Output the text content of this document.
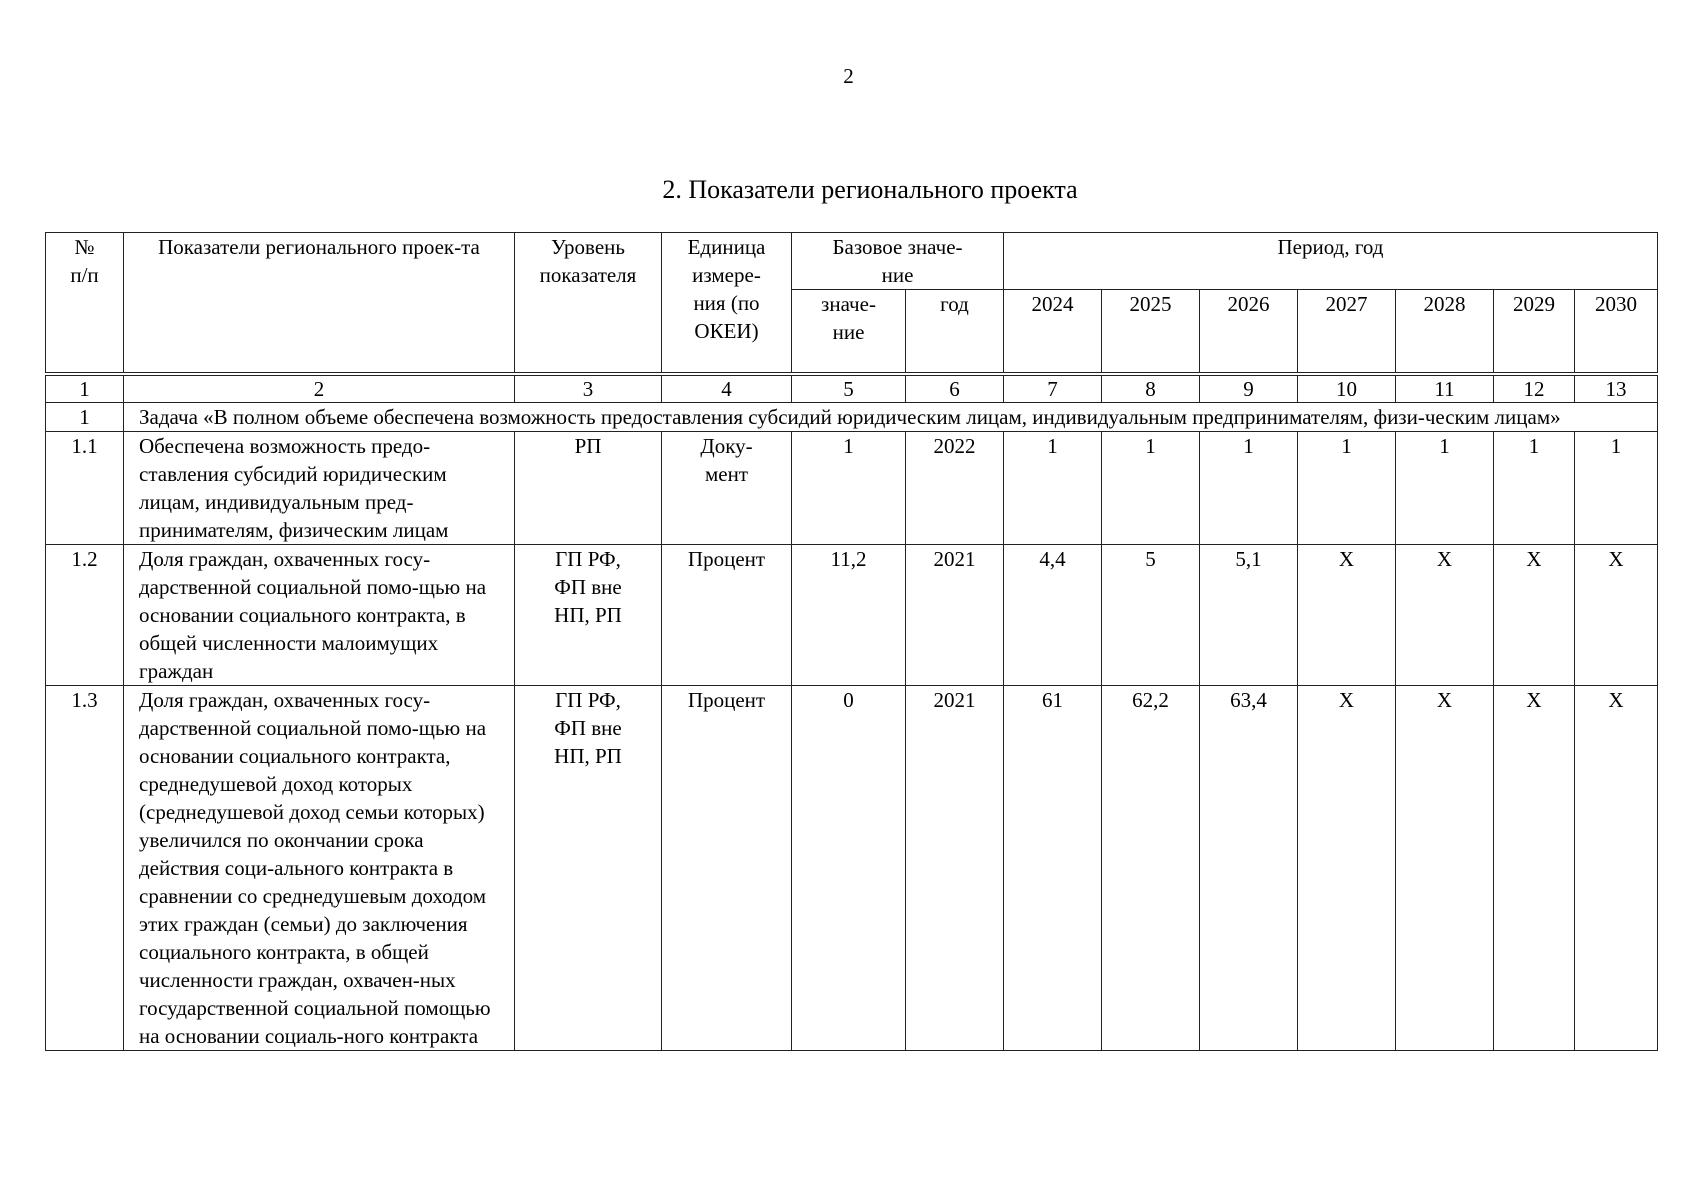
2
2. Показатели регионального проекта
№ п/п	Показатели регионального проек-та	Уровень показателя	Единица измере-ния (по ОКЕИ)	Базовое значе-ние		Период, год						

				значе-ние	год	2024	2025	2026	2027	2028	2029	2030
1	2	3	4	5	6	7	8	9	10	11	12	13
1	Задача «В полном объеме обеспечена возможность предоставления субсидий юридическим лицам, индивидуальным предпринимателям, физи-ческим лицам»											
1.1	Обеспечена возможность предо-ставления субсидий юридическим лицам, индивидуальным пред-принимателям, физическим лицам	РП	Доку-мент	1	2022	1	1	1	1	1	1	1
1.2	Доля граждан, охваченных госу-дарственной социальной помо-щью на основании социального контракта, в общей численности малоимущих граждан	ГП РФ, ФП вне НП, РП	Процент	11,2	2021	4,4	5	5,1	Х	Х	Х	Х
1.3	Доля граждан, охваченных госу-дарственной социальной помо-щью на основании социального контракта, среднедушевой доход которых (среднедушевой доход семьи которых) увеличился по окончании срока действия соци-ального контракта в сравнении со среднедушевым доходом этих граждан (семьи) до заключения социального контракта, в общей численности граждан, охвачен-ных государственной социальной помощью на основании социаль-ного контракта	ГП РФ, ФП вне НП, РП	Процент	0	2021	61	62,2	63,4	Х	Х	Х	Х
